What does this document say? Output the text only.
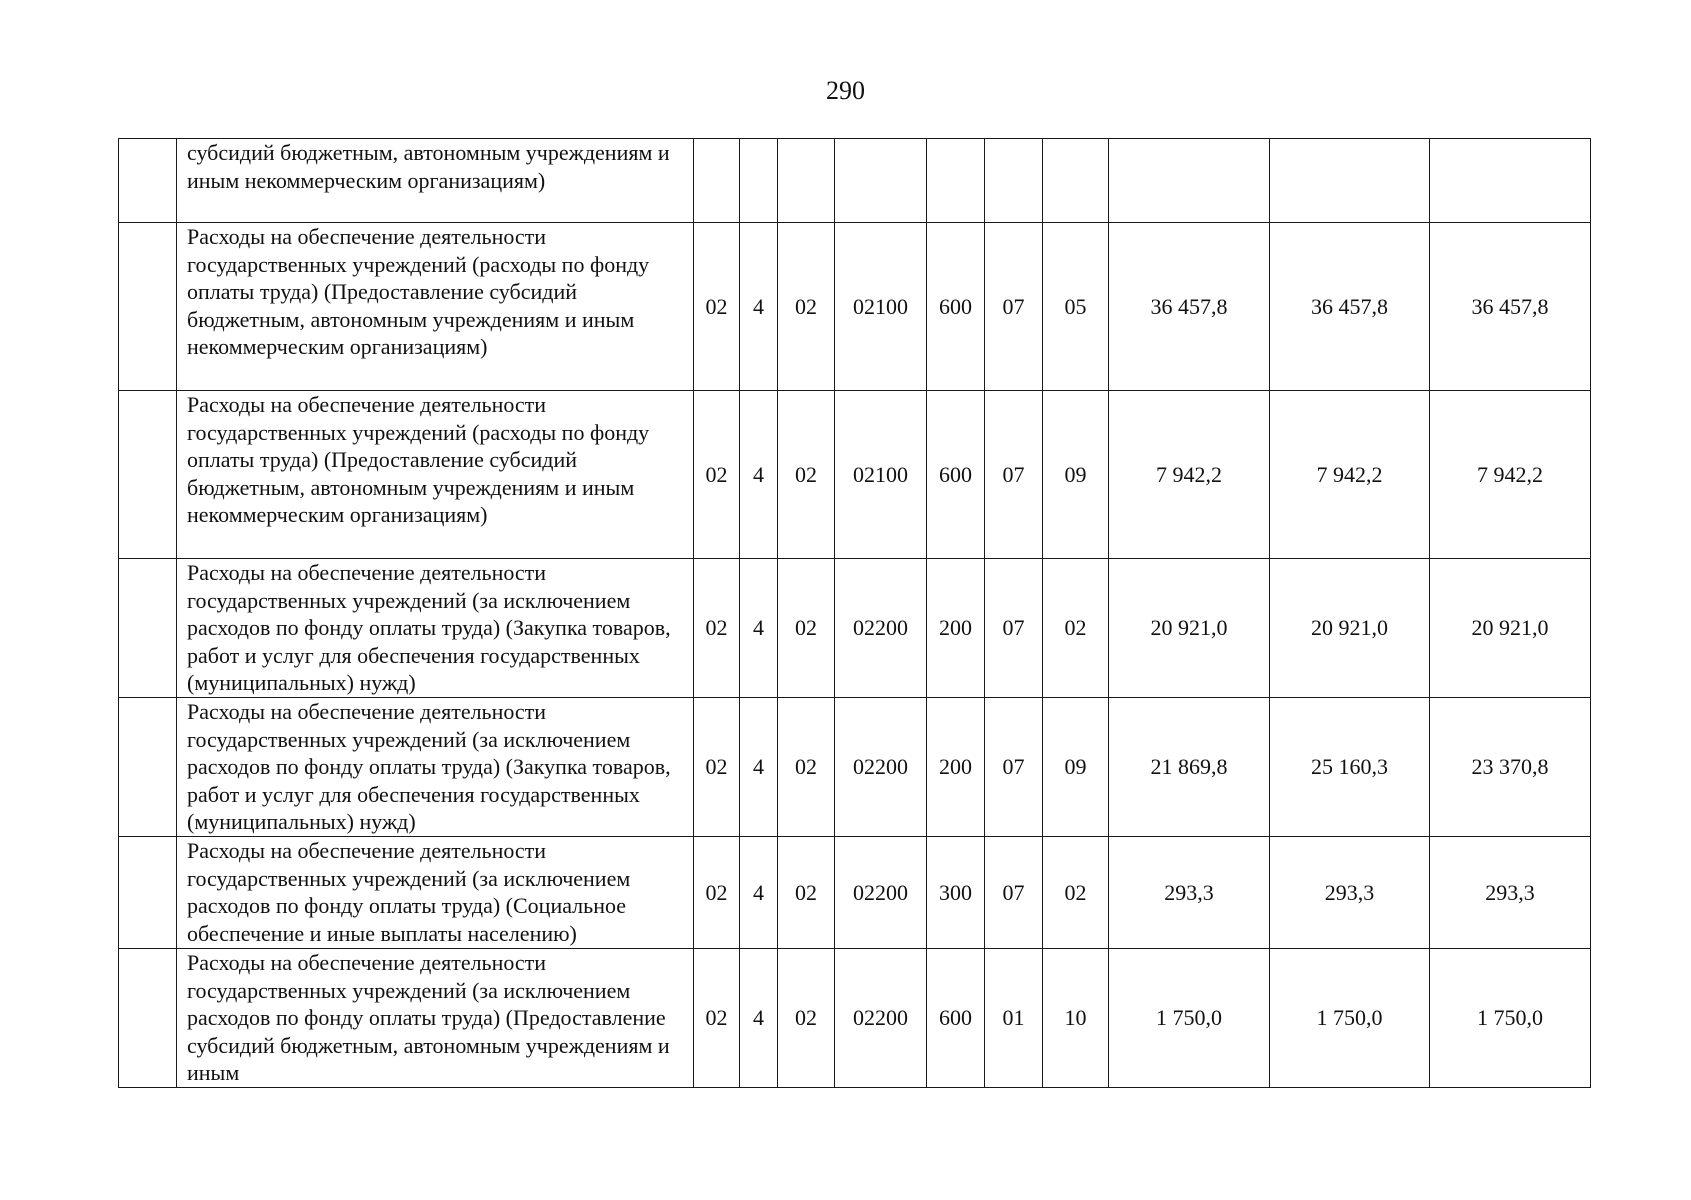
290
	субсидий бюджетным, автономным учреждениям и иным некоммерческим организациям)										
	Расходы на обеспечение деятельности государственных учреждений (расходы по фонду оплаты труда) (Предоставление субсидий бюджетным, автономным учреждениям и иным некоммерческим организациям)	02	4	02	02100	600	07	05	36 457,8	36 457,8	36 457,8
	Расходы на обеспечение деятельности государственных учреждений (расходы по фонду оплаты труда) (Предоставление субсидий бюджетным, автономным учреждениям и иным некоммерческим организациям)	02	4	02	02100	600	07	09	7 942,2	7 942,2	7 942,2
	Расходы на обеспечение деятельности государственных учреждений (за исключением расходов по фонду оплаты труда) (Закупка товаров, работ и услуг для обеспечения государственных (муниципальных) нужд)	02	4	02	02200	200	07	02	20 921,0	20 921,0	20 921,0
	Расходы на обеспечение деятельности государственных учреждений (за исключением расходов по фонду оплаты труда) (Закупка товаров, работ и услуг для обеспечения государственных (муниципальных) нужд)	02	4	02	02200	200	07	09	21 869,8	25 160,3	23 370,8
	Расходы на обеспечение деятельности государственных учреждений (за исключением расходов по фонду оплаты труда) (Социальное обеспечение и иные выплаты населению)	02	4	02	02200	300	07	02	293,3	293,3	293,3
	Расходы на обеспечение деятельности государственных учреждений (за исключением расходов по фонду оплаты труда) (Предоставление субсидий бюджетным, автономным учреждениям и иным	02	4	02	02200	600	01	10	1 750,0	1 750,0	1 750,0
